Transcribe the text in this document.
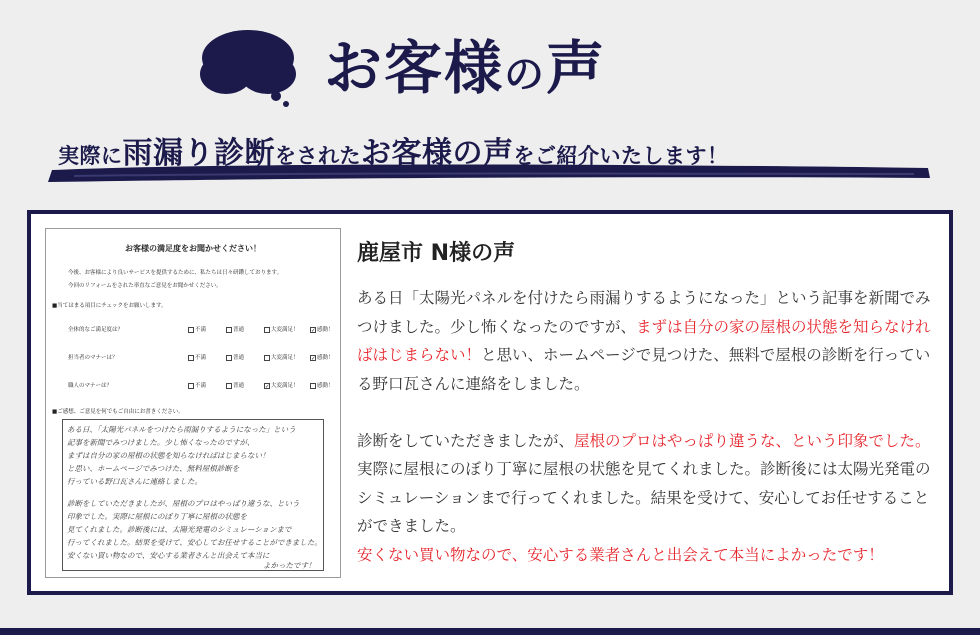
お客様の声
実際に雨漏り診断をされたお客様の声をご紹介いたします！
お客様の満足度をお聞かせください！
今後、お客様により良いサービスを提供するために、私たちは日々研鑽しております。
今回のリフォームをされた率直なご意見をお聞かせください。
■当てはまる項目にチェックをお願いします。
全体的なご満足度は？	不満	普通	大変満足！ ✓感動！
担当者のマナーは？	不満	普通	大変満足！ ✓感動！
職人のマナーは？	不満	普通	✓大変満足！	感動！
■ご感想、ご意見を何でもご自由にお書きください。
ある日、「太陽光パネルをつけたら雨漏りするようになった」という
記事を新聞でみつけました。少し怖くなったのですが、
まずは自分の家の屋根の状態を知らなければはじまらない！
と思い、ホームページでみつけた、無料屋根診断を
行っている野口瓦さんに連絡しました。
診断をしていただきましたが、屋根のプロはやっぱり違うな、という
印象でした。実際に屋根にのぼり丁寧に屋根の状態を
見てくれました。診断後には、太陽光発電のシミュレーションまで
行ってくれました。結果を受けて、安心してお任せすることができました。
安くない買い物なので、安心する業者さんと出会えて本当に
よかったです！
鹿屋市 N様の声

ある日「太陽光パネルを付けたら雨漏りするようになった」という記事を新聞でみつけました。少し怖くなったのですが、まずは自分の家の屋根の状態を知らなければはじまらない！と思い、ホームページで見つけた、無料で屋根の診断を行っている野口瓦さんに連絡をしました。

診断をしていただきましたが、屋根のプロはやっぱり違うな、という印象でした。実際に屋根にのぼり丁寧に屋根の状態を見てくれました。診断後には太陽光発電のシミュレーションまで行ってくれました。結果を受けて、安心してお任せすることができました。

安くない買い物なので、安心する業者さんと出会えて本当によかったです！
